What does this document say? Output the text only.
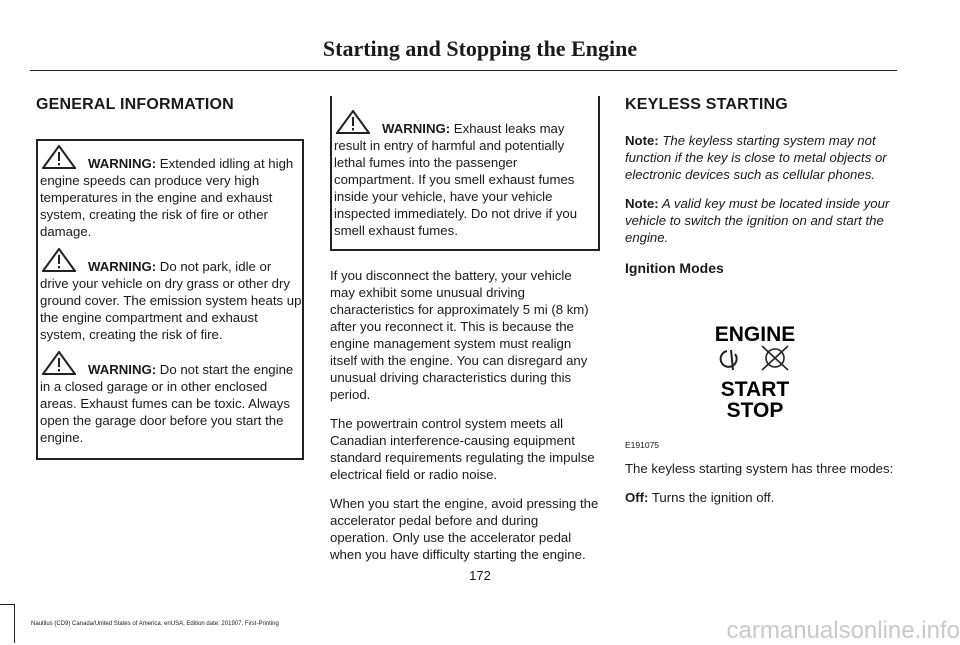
Starting and Stopping the Engine
GENERAL INFORMATION

WARNING: Extended idling at high engine speeds can produce very high temperatures in the engine and exhaust system, creating the risk of fire or other damage.

WARNING: Do not park, idle or drive your vehicle on dry grass or other dry ground cover. The emission system heats up the engine compartment and exhaust system, creating the risk of fire.

WARNING: Do not start the engine in a closed garage or in other enclosed areas. Exhaust fumes can be toxic. Always open the garage door before you start the engine.

WARNING: Exhaust leaks may result in entry of harmful and potentially lethal fumes into the passenger compartment. If you smell exhaust fumes inside your vehicle, have your vehicle inspected immediately. Do not drive if you smell exhaust fumes.

If you disconnect the battery, your vehicle may exhibit some unusual driving characteristics for approximately 5 mi (8 km) after you reconnect it. This is because the engine management system must realign itself with the engine. You can disregard any unusual driving characteristics during this period.

The powertrain control system meets all Canadian interference-causing equipment standard requirements regulating the impulse electrical field or radio noise.

When you start the engine, avoid pressing the accelerator pedal before and during operation. Only use the accelerator pedal when you have difficulty starting the engine.

KEYLESS STARTING

Note: The keyless starting system may not function if the key is close to metal objects or electronic devices such as cellular phones.

Note: A valid key must be located inside your vehicle to switch the ignition on and start the engine.

Ignition Modes
ENGINE
START
STOP
E191075

The keyless starting system has three modes:

Off: Turns the ignition off.

172
Nautilus (CD9) Canada/United States of America, enUSA, Edition date: 201907, First-Printing	carmanualsonline.info
